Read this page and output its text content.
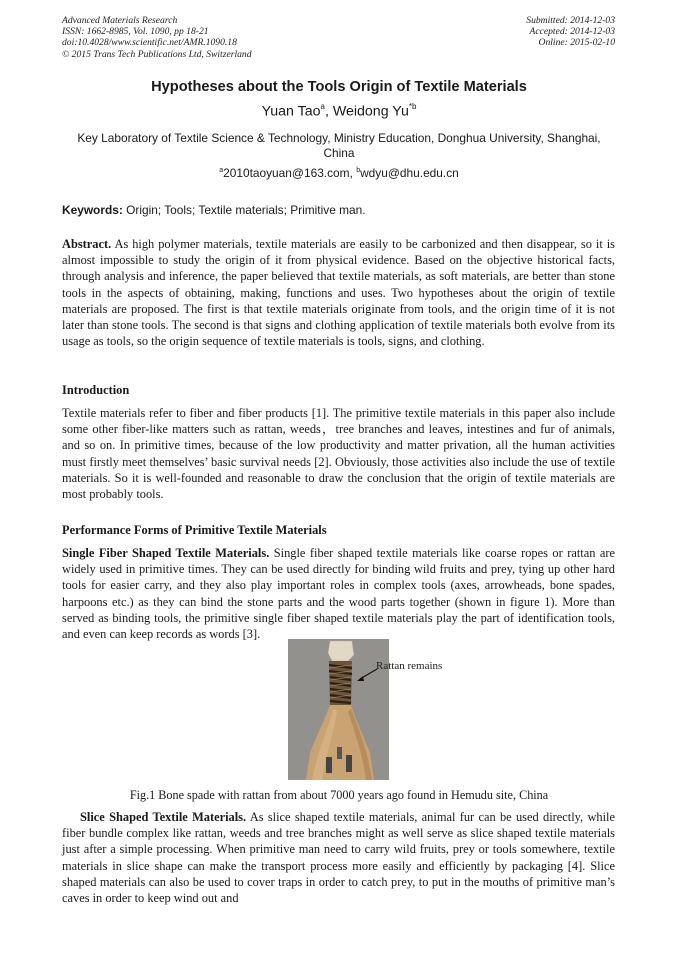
Advanced Materials Research
ISSN: 1662-8985, Vol. 1090, pp 18-21
doi:10.4028/www.scientific.net/AMR.1090.18
© 2015 Trans Tech Publications Ltd, Switzerland
Submitted: 2014-12-03
Accepted: 2014-12-03
Online: 2015-02-10
Hypotheses about the Tools Origin of Textile Materials
Yuan Tao$^a$, Weidong Yu$^{*b}$
Key Laboratory of Textile Science & Technology, Ministry Education, Donghua University, Shanghai, China
$^a$2010taoyuan@163.com, $^b$wdyu@dhu.edu.cn
Keywords: Origin; Tools; Textile materials; Primitive man.
Abstract. As high polymer materials, textile materials are easily to be carbonized and then disappear, so it is almost impossible to study the origin of it from physical evidence. Based on the objective historical facts, through analysis and inference, the paper believed that textile materials, as soft materials, are better than stone tools in the aspects of obtaining, making, functions and uses. Two hypotheses about the origin of textile materials are proposed. The first is that textile materials originate from tools, and the origin time of it is not later than stone tools. The second is that signs and clothing application of textile materials both evolve from its usage as tools, so the origin sequence of textile materials is tools, signs, and clothing.
Introduction
Textile materials refer to fiber and fiber products [1]. The primitive textile materials in this paper also include some other fiber-like matters such as rattan, weeds，tree branches and leaves, intestines and fur of animals, and so on. In primitive times, because of the low productivity and matter privation, all the human activities must firstly meet themselves’ basic survival needs [2]. Obviously, those activities also include the use of textile materials. So it is well-founded and reasonable to draw the conclusion that the origin of textile materials are most probably tools.
Performance Forms of Primitive Textile Materials
Single Fiber Shaped Textile Materials. Single fiber shaped textile materials like coarse ropes or rattan are widely used in primitive times. They can be used directly for binding wild fruits and prey, tying up other hard tools for easier carry, and they also play important roles in complex tools (axes, arrowheads, bone spades, harpoons etc.) as they can bind the stone parts and the wood parts together (shown in figure 1). More than served as binding tools, the primitive single fiber shaped textile materials play the part of identification tools, and even can keep records as words [3].
Rattan remains
Fig.1 Bone spade with rattan from about 7000 years ago found in Hemudu site, China
Slice Shaped Textile Materials. As slice shaped textile materials, animal fur can be used directly, while fiber bundle complex like rattan, weeds and tree branches might as well serve as slice shaped textile materials just after a simple processing. When primitive man need to carry wild fruits, prey or tools somewhere, textile materials in slice shape can make the transport process more easily and efficiently by packaging [4]. Slice shaped materials can also be used to cover traps in order to catch prey, to put in the mouths of primitive man’s caves in order to keep wind out and
